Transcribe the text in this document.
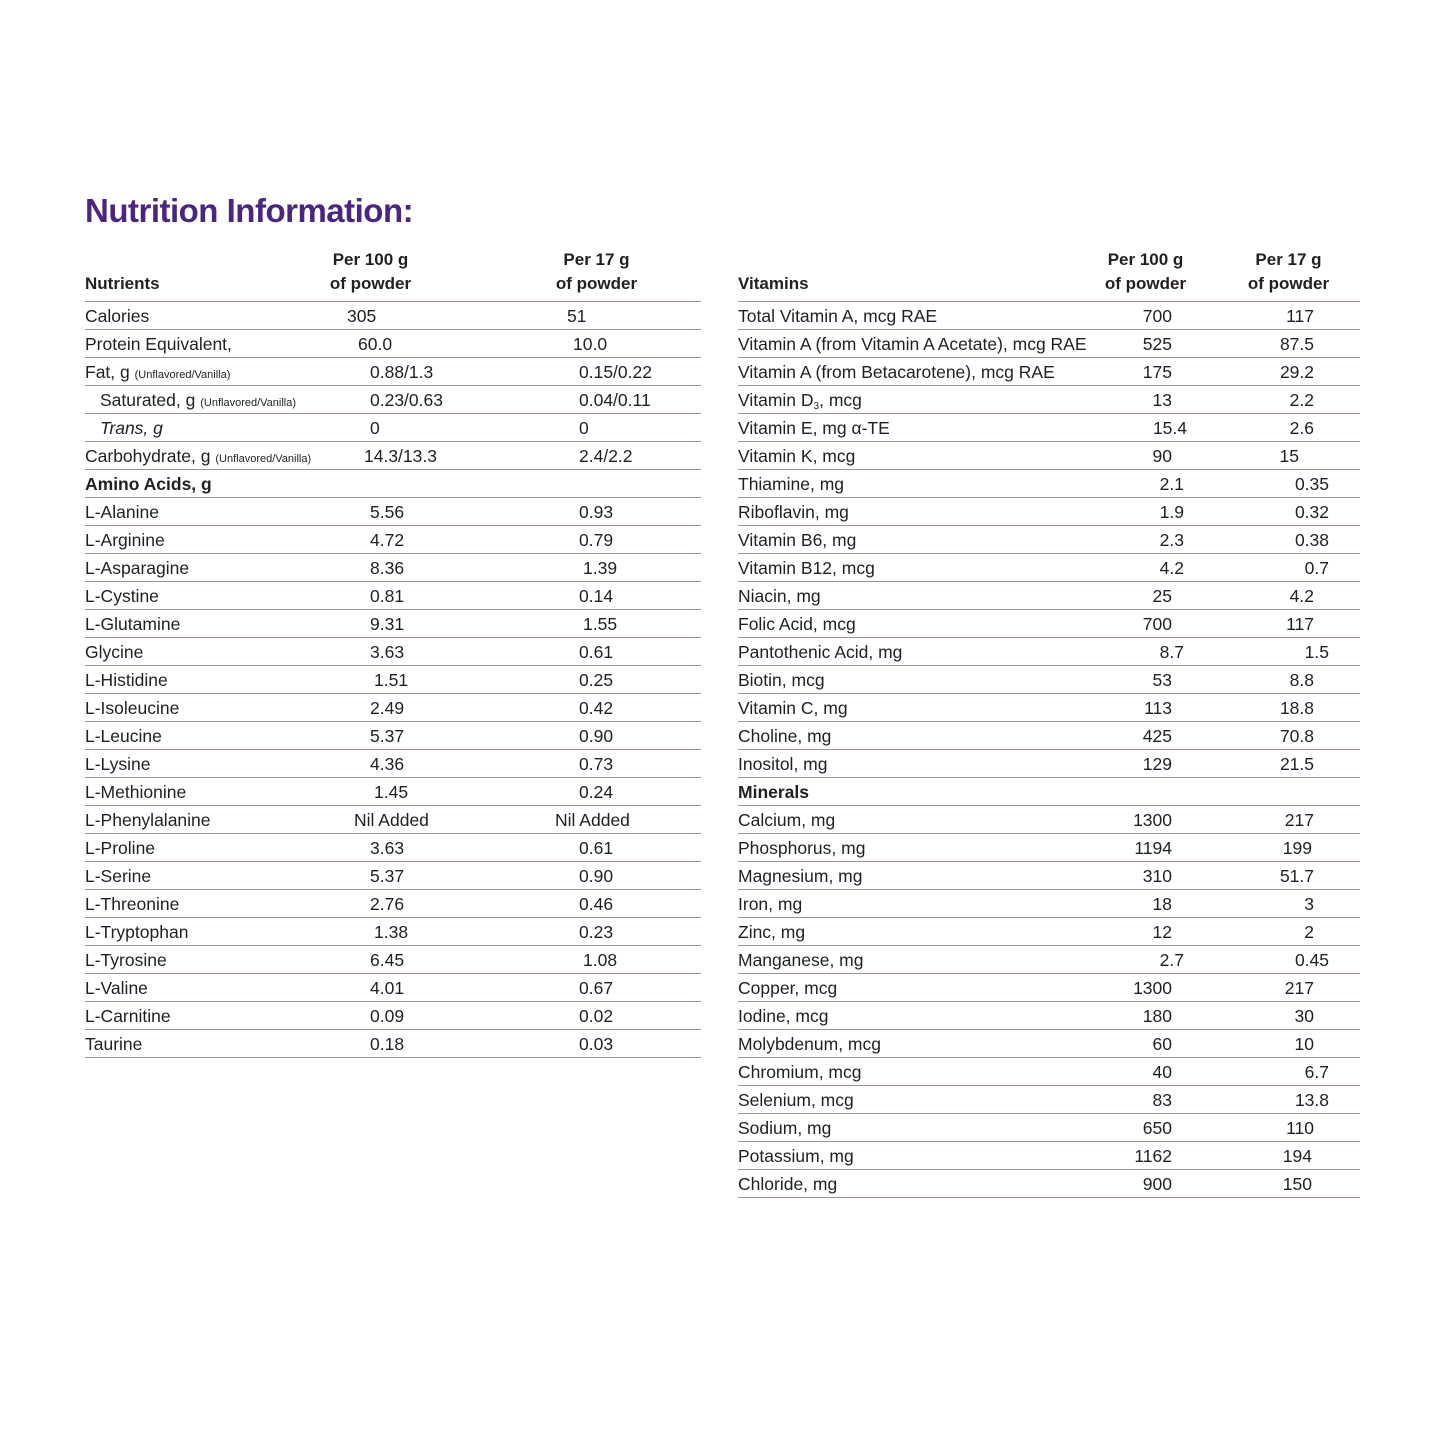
Nutrition Information:
Nutrients
Per 100 g
of powder
Per 17 g
of powder
Calories	305	51
Protein Equivalent,	60.0	10.0
Fat, g (Unflavored/Vanilla)	0.88/1.3	0.15/0.22
Saturated, g (Unflavored/Vanilla)	0.23/0.63	0.04/0.11
Trans, g	0	0
Carbohydrate, g (Unflavored/Vanilla)	14.3/13.3	2.4/2.2
Amino Acids, g
L-Alanine	5.56	0.93
L-Arginine	4.72	0.79
L-Asparagine	8.36	1.39
L-Cystine	0.81	0.14
L-Glutamine	9.31	1.55
Glycine	3.63	0.61
L-Histidine	1.51	0.25
L-Isoleucine	2.49	0.42
L-Leucine	5.37	0.90
L-Lysine	4.36	0.73
L-Methionine	1.45	0.24
L-Phenylalanine	Nil Added	Nil Added
L-Proline	3.63	0.61
L-Serine	5.37	0.90
L-Threonine	2.76	0.46
L-Tryptophan	1.38	0.23
L-Tyrosine	6.45	1.08
L-Valine	4.01	0.67
L-Carnitine	0.09	0.02
Taurine	0.18	0.03
Vitamins
Per 100 g
of powder
Per 17 g
of powder
Total Vitamin A, mcg RAE	700	117
Vitamin A (from Vitamin A Acetate), mcg RAE	525	87.5
Vitamin A (from Betacarotene), mcg RAE	175	29.2
Vitamin $D_3$, mcg	13	2.2
Vitamin E, mg α-TE	15.4	2.6
Vitamin K, mcg	90	15
Thiamine, mg	2.1	0.35
Riboflavin, mg	1.9	0.32
Vitamin B6, mg	2.3	0.38
Vitamin B12, mcg	4.2	0.7
Niacin, mg	25	4.2
Folic Acid, mcg	700	117
Pantothenic Acid, mg	8.7	1.5
Biotin, mcg	53	8.8
Vitamin C, mg	113	18.8
Choline, mg	425	70.8
Inositol, mg	129	21.5
Minerals
Calcium, mg	1300	217
Phosphorus, mg	1194	199
Magnesium, mg	310	51.7
Iron, mg	18	3
Zinc, mg	12	2
Manganese, mg	2.7	0.45
Copper, mcg	1300	217
Iodine, mcg	180	30
Molybdenum, mcg	60	10
Chromium, mcg	40	6.7
Selenium, mcg	83	13.8
Sodium, mg	650	110
Potassium, mg	1162	194
Chloride, mg	900	150
